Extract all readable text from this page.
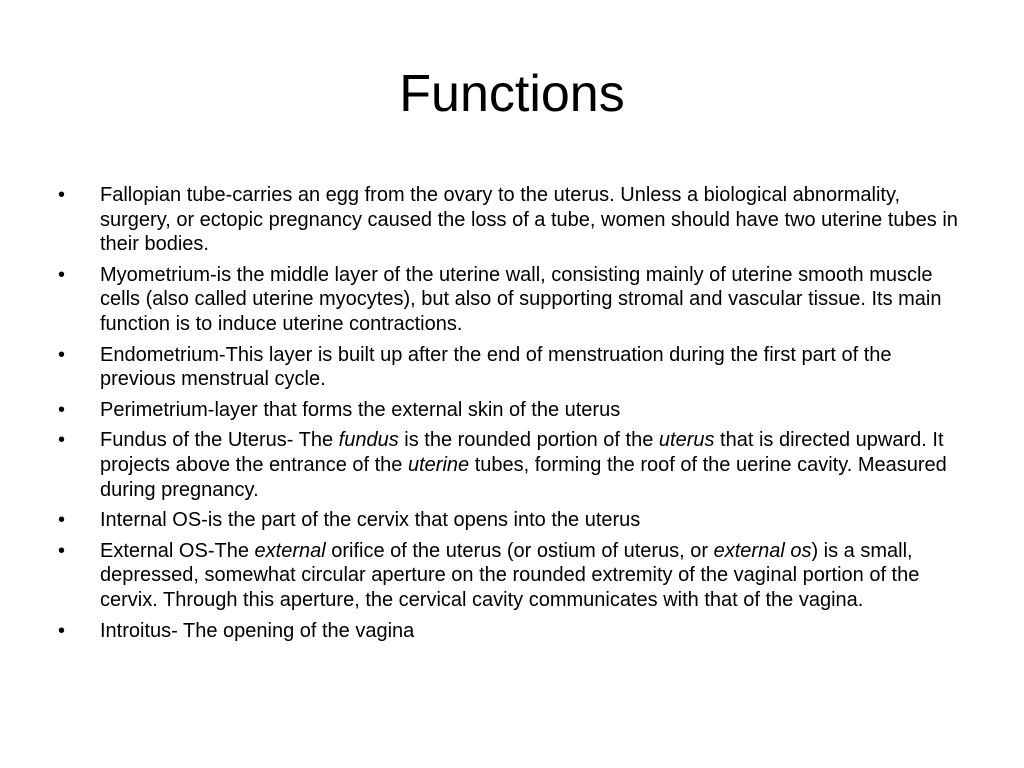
Functions
•	Fallopian tube-carries an egg from the ovary to the uterus. Unless a biological abnormality, surgery, or ectopic pregnancy caused the loss of a tube, women should have two uterine tubes in their bodies.
•	Myometrium-is the middle layer of the uterine wall, consisting mainly of uterine smooth muscle cells (also called uterine myocytes), but also of supporting stromal and vascular tissue. Its main function is to induce uterine contractions.
•	Endometrium-This layer is built up after the end of menstruation during the first part of the previous menstrual cycle.
•	Perimetrium-layer that forms the external skin of the uterus
•	Fundus of the Uterus- The fundus is the rounded portion of the uterus that is directed upward. It projects above the entrance of the uterine tubes, forming the roof of the uerine cavity. Measured during pregnancy.
•	Internal OS-is the part of the cervix that opens into the uterus
•	External OS-The external orifice of the uterus (or ostium of uterus, or external os) is a small, depressed, somewhat circular aperture on the rounded extremity of the vaginal portion of the cervix. Through this aperture, the cervical cavity communicates with that of the vagina.
•	Introitus- The opening of the vagina
